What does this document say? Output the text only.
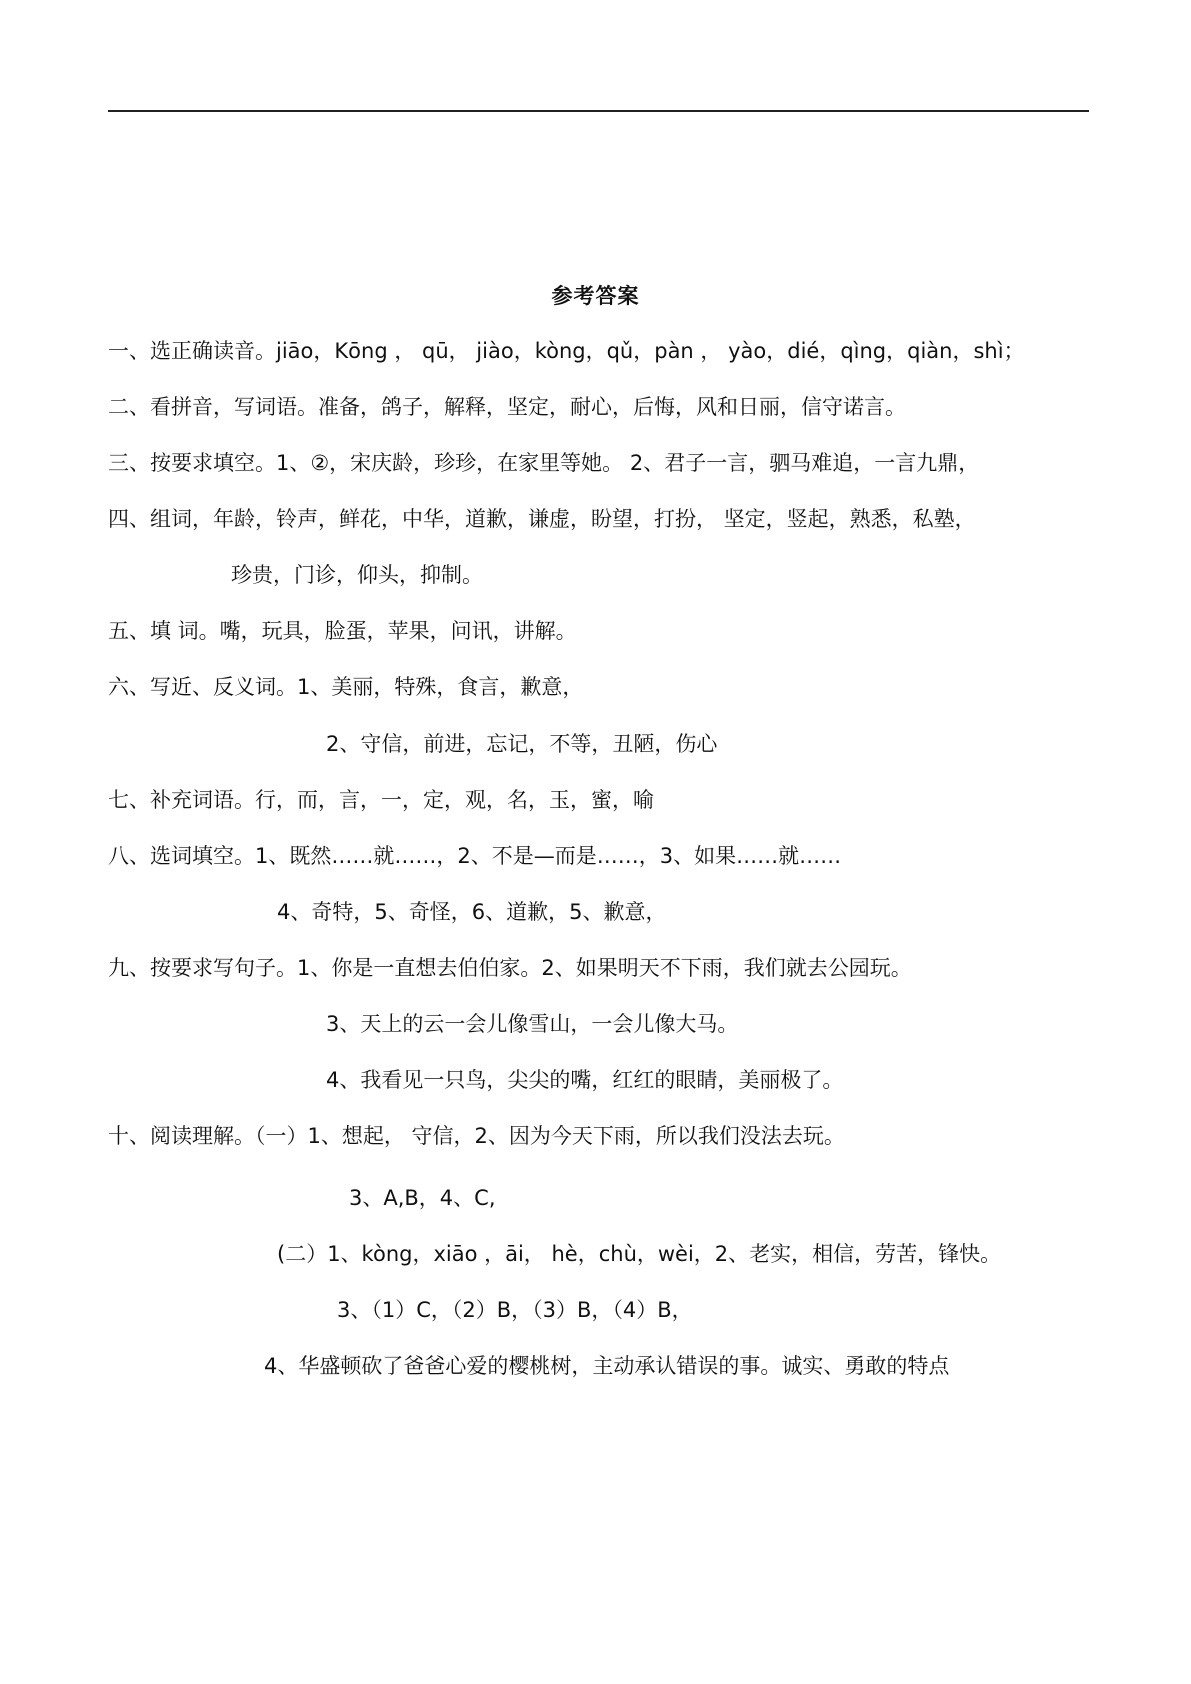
参考答案
一、选正确读音。jiāo，Kōng ， qū， jiào，kòng，qǔ，pàn ， yào，dié，qìng，qiàn，shì；
二、看拼音，写词语。准备，鸽子，解释，坚定，耐心，后悔，风和日丽，信守诺言。
三、按要求填空。1、②，宋庆龄，珍珍，在家里等她。 2、君子一言，驷马难追，一言九鼎，
四、组词，年龄，铃声，鲜花，中华，道歉，谦虚，盼望，打扮， 坚定，竖起，熟悉，私塾，
珍贵，门诊，仰头，抑制。
五、填 词。嘴，玩具，脸蛋，苹果，问讯，讲解。
六、写近、反义词。1、美丽，特殊，食言，歉意，
2、守信，前进，忘记，不等，丑陋，伤心
七、补充词语。行，而，言，一，定，观，名，玉，蜜，喻
八、选词填空。1、既然……就……，2、不是—而是……，3、如果……就……
4、奇特，5、奇怪，6、道歉，5、歉意，
九、按要求写句子。1、你是一直想去伯伯家。2、如果明天不下雨，我们就去公园玩。
3、天上的云一会儿像雪山，一会儿像大马。
4、我看见一只鸟，尖尖的嘴，红红的眼睛，美丽极了。
十、阅读理解。（一）1、想起， 守信，2、因为今天下雨，所以我们没法去玩。
3、A,B，4、C,
(二）1、kòng，xiāo ，āi， hè，chù，wèi，2、老实，相信，劳苦，锋快。
3、（1）C，（2）B，（3）B，（4）B，
4、华盛顿砍了爸爸心爱的樱桃树，主动承认错误的事。诚实、勇敢的特点
